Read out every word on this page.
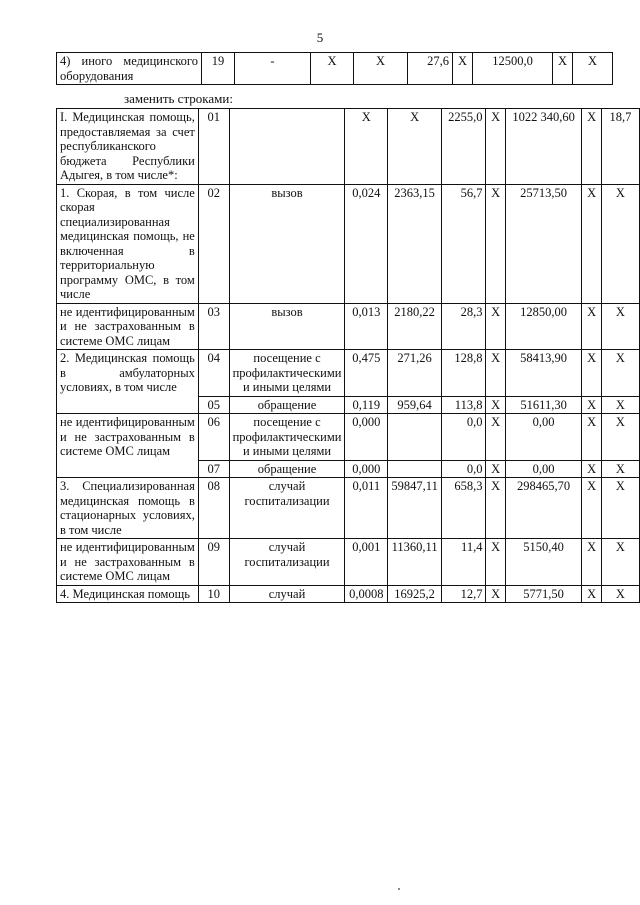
5
4) иного медицинского оборудования	19	-	X	X	27,6	X	12500,0	X	X
заменить строками:
I. Медицинская помощь, предоставляемая за счет республиканского бюджета Республики Адыгея, в том числе*:	01		X	X	2255,0	X	1022 340,60	X	18,7
1. Скорая, в том числе скорая специализированная медицинская помощь, не включенная в территориальную программу ОМС, в том числе	02	вызов	0,024	2363,15	56,7	X	25713,50	X	X
не идентифицированным и не застрахованным в системе ОМС лицам	03	вызов	0,013	2180,22	28,3	X	12850,00	X	X
2. Медицинская помощь в амбулаторных условиях, в том числе	04	посещение с профилактическими и иными целями	0,475	271,26	128,8	X	58413,90	X	X
	05	обращение	0,119	959,64	113,8	X	51611,30	X	X
не идентифицированным и не застрахованным в системе ОМС лицам	06	посещение с профилактическими и иными целями	0,000		0,0	X	0,00	X	X
	07	обращение	0,000		0,0	X	0,00	X	X
3. Специализированная медицинская помощь в стационарных условиях, в том числе	08	случай госпитализации	0,011	59847,11	658,3	X	298465,70	X	X
не идентифицированным и не застрахованным в системе ОМС лицам	09	случай госпитализации	0,001	11360,11	11,4	X	5150,40	X	X
4. Медицинская помощь	10	случай	0,0008	16925,2	12,7	X	5771,50	X	X
